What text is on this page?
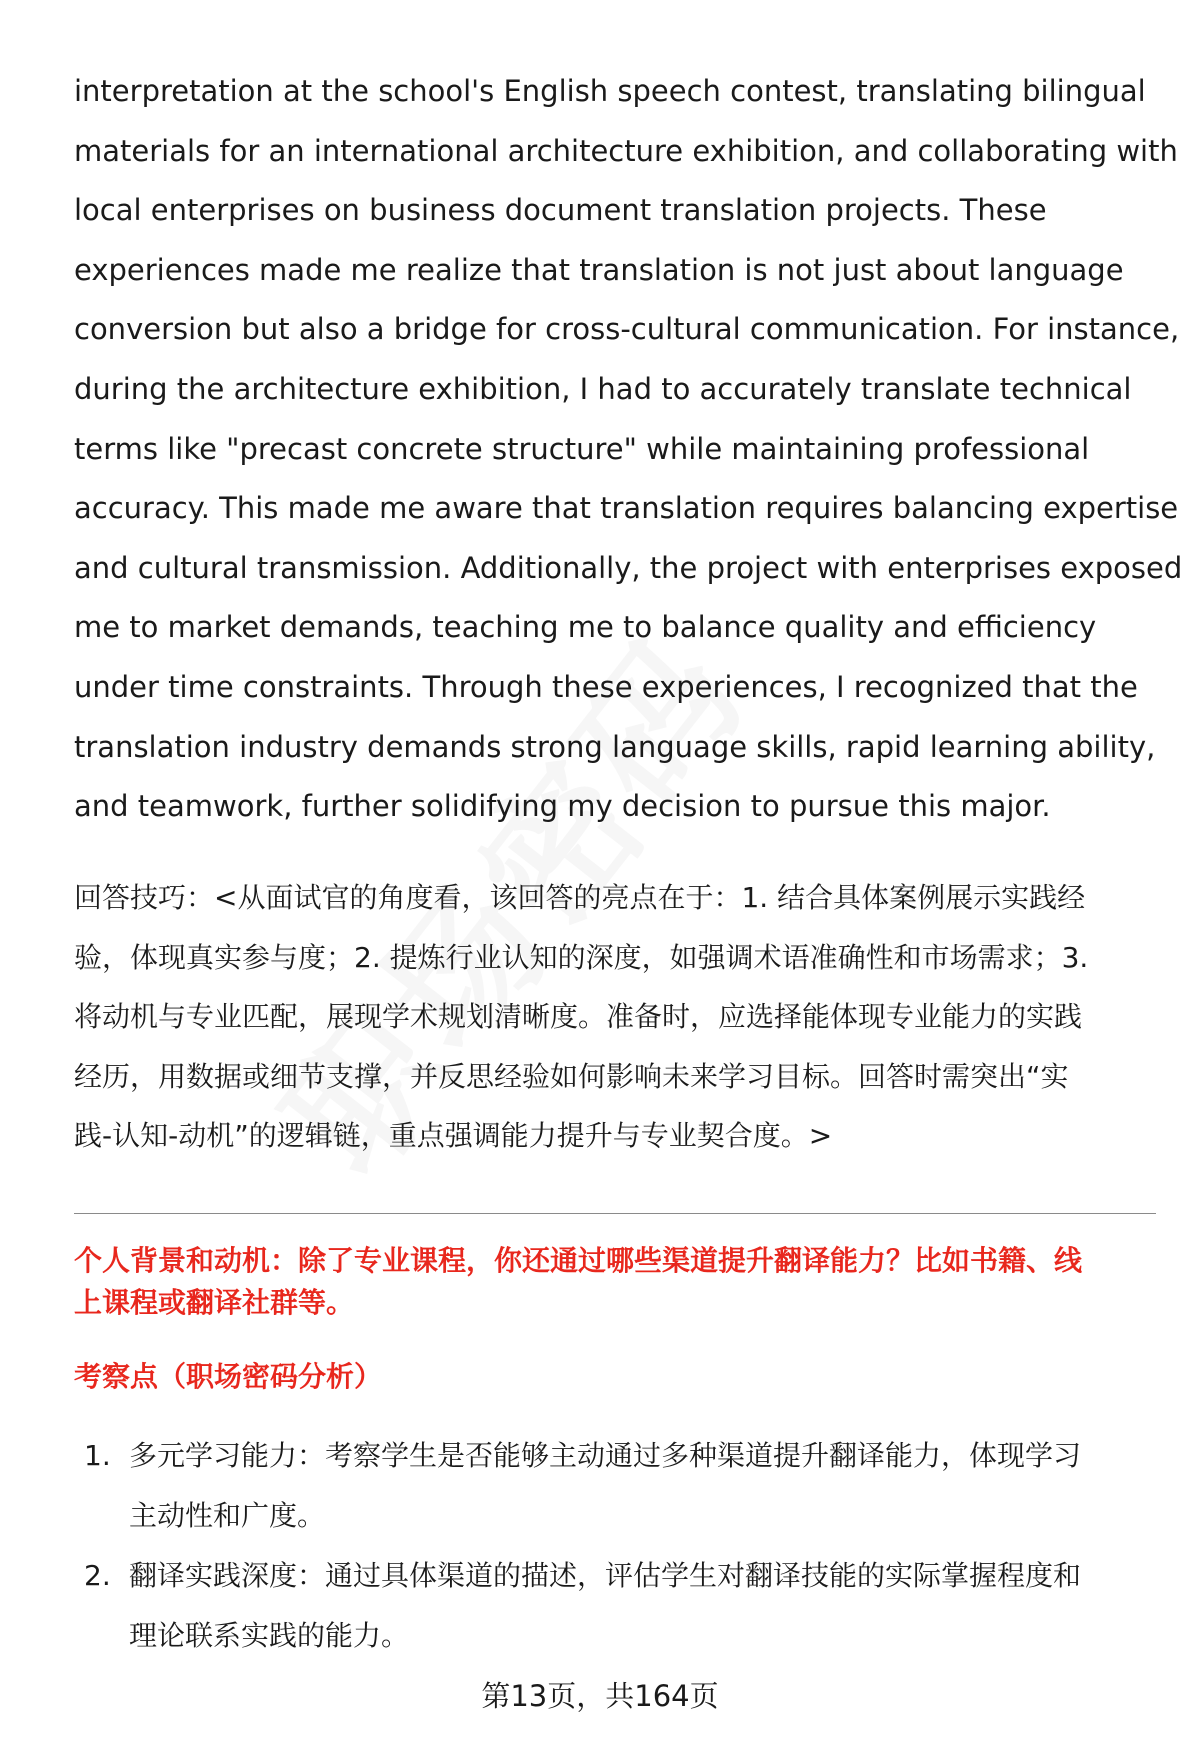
interpretation at the school's English speech contest, translating bilingual
materials for an international architecture exhibition, and collaborating with
local enterprises on business document translation projects. These
experiences made me realize that translation is not just about language
conversion but also a bridge for cross-cultural communication. For instance,
during the architecture exhibition, I had to accurately translate technical
terms like "precast concrete structure" while maintaining professional
accuracy. This made me aware that translation requires balancing expertise
and cultural transmission. Additionally, the project with enterprises exposed
me to market demands, teaching me to balance quality and efficiency
under time constraints. Through these experiences, I recognized that the
translation industry demands strong language skills, rapid learning ability,
and teamwork, further solidifying my decision to pursue this major.
回答技巧：<从面试官的角度看，该回答的亮点在于：1. 结合具体案例展示实践经
验，体现真实参与度；2. 提炼行业认知的深度，如强调术语准确性和市场需求；3.
将动机与专业匹配，展现学术规划清晰度。准备时，应选择能体现专业能力的实践
经历，用数据或细节支撑，并反思经验如何影响未来学习目标。回答时需突出“实
践-认知-动机”的逻辑链，重点强调能力提升与专业契合度。>
个人背景和动机：除了专业课程，你还通过哪些渠道提升翻译能力？比如书籍、线
上课程或翻译社群等。
考察点（职场密码分析）
1. 多元学习能力：考察学生是否能够主动通过多种渠道提升翻译能力，体现学习
主动性和广度。
2. 翻译实践深度：通过具体渠道的描述，评估学生对翻译技能的实际掌握程度和
理论联系实践的能力。
第13页，共164页
